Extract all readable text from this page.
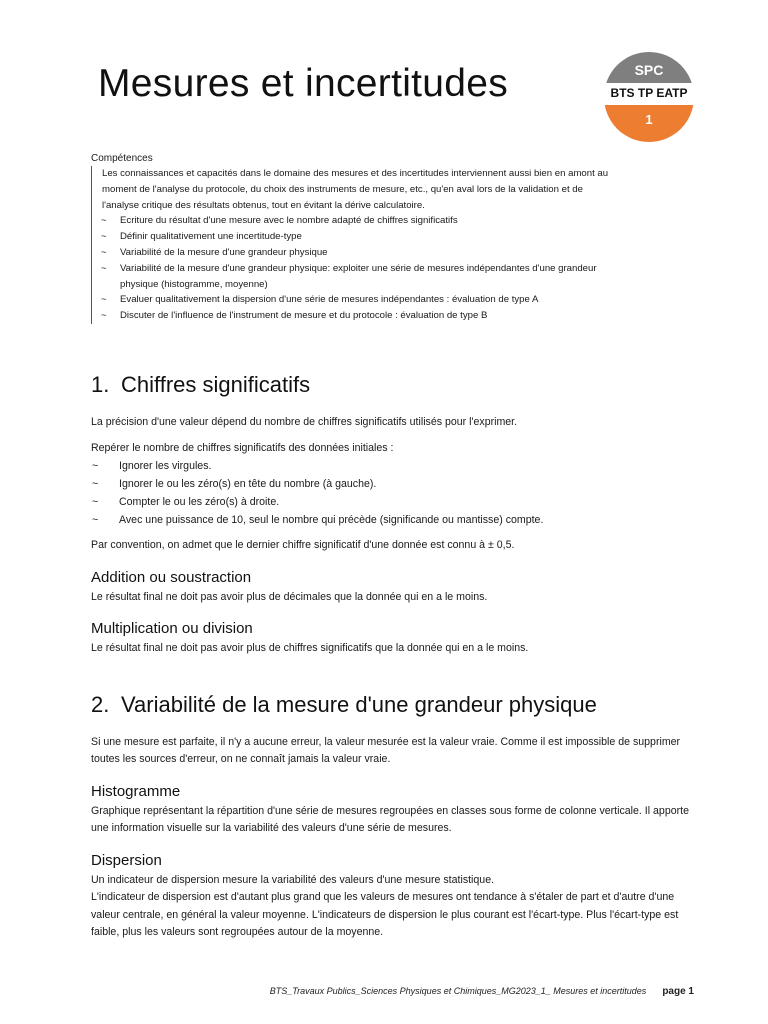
Mesures et incertitudes	SPC
BTS TP EATP
1

Compétences

Les connaissances et capacités dans le domaine des mesures et des incertitudes interviennent aussi bien en amont au moment de l'analyse du protocole, du choix des instruments de mesure, etc., qu'en aval lors de la validation et de l'analyse critique des résultats obtenus, tout en évitant la dérive calculatoire.

~ Ecriture du résultat d'une mesure avec le nombre adapté de chiffres significatifs
~ Définir qualitativement une incertitude-type
~ Variabilité de la mesure d'une grandeur physique
~ Variabilité de la mesure d'une grandeur physique: exploiter une série de mesures indépendantes d'une grandeur physique (histogramme, moyenne)
~ Evaluer qualitativement la dispersion d'une série de mesures indépendantes : évaluation de type A
~ Discuter de l'influence de l'instrument de mesure et du protocole : évaluation de type B
1. Chiffres significatifs

La précision d'une valeur dépend du nombre de chiffres significatifs utilisés pour l'exprimer.

Repérer le nombre de chiffres significatifs des données initiales :

~ Ignorer les virgules.
~ Ignorer le ou les zéro(s) en tête du nombre (à gauche).
~ Compter le ou les zéro(s) à droite.
~ Avec une puissance de 10, seul le nombre qui précède (significande ou mantisse) compte.

Par convention, on admet que le dernier chiffre significatif d'une donnée est connu à ± 0,5.

Addition ou soustraction

Le résultat final ne doit pas avoir plus de décimales que la donnée qui en a le moins.

Multiplication ou division

Le résultat final ne doit pas avoir plus de chiffres significatifs que la donnée qui en a le moins.

2. Variabilité de la mesure d'une grandeur physique

Si une mesure est parfaite, il n'y a aucune erreur, la valeur mesurée est la valeur vraie. Comme il est impossible de supprimer toutes les sources d'erreur, on ne connaît jamais la valeur vraie.

Histogramme

Graphique représentant la répartition d'une série de mesures regroupées en classes sous forme de colonne verticale. Il apporte une information visuelle sur la variabilité des valeurs d'une série de mesures.

Dispersion

Un indicateur de dispersion mesure la variabilité des valeurs d'une mesure statistique.

L'indicateur de dispersion est d'autant plus grand que les valeurs de mesures ont tendance à s'étaler de part et d'autre d'une valeur centrale, en général la valeur moyenne. L'indicateurs de dispersion le plus courant est l'écart-type. Plus l'écart-type est faible, plus les valeurs sont regroupées autour de la moyenne.

BTS_Travaux Publics_Sciences Physiques et Chimiques_MG2023_1_ Mesures et incertitudes page 1
